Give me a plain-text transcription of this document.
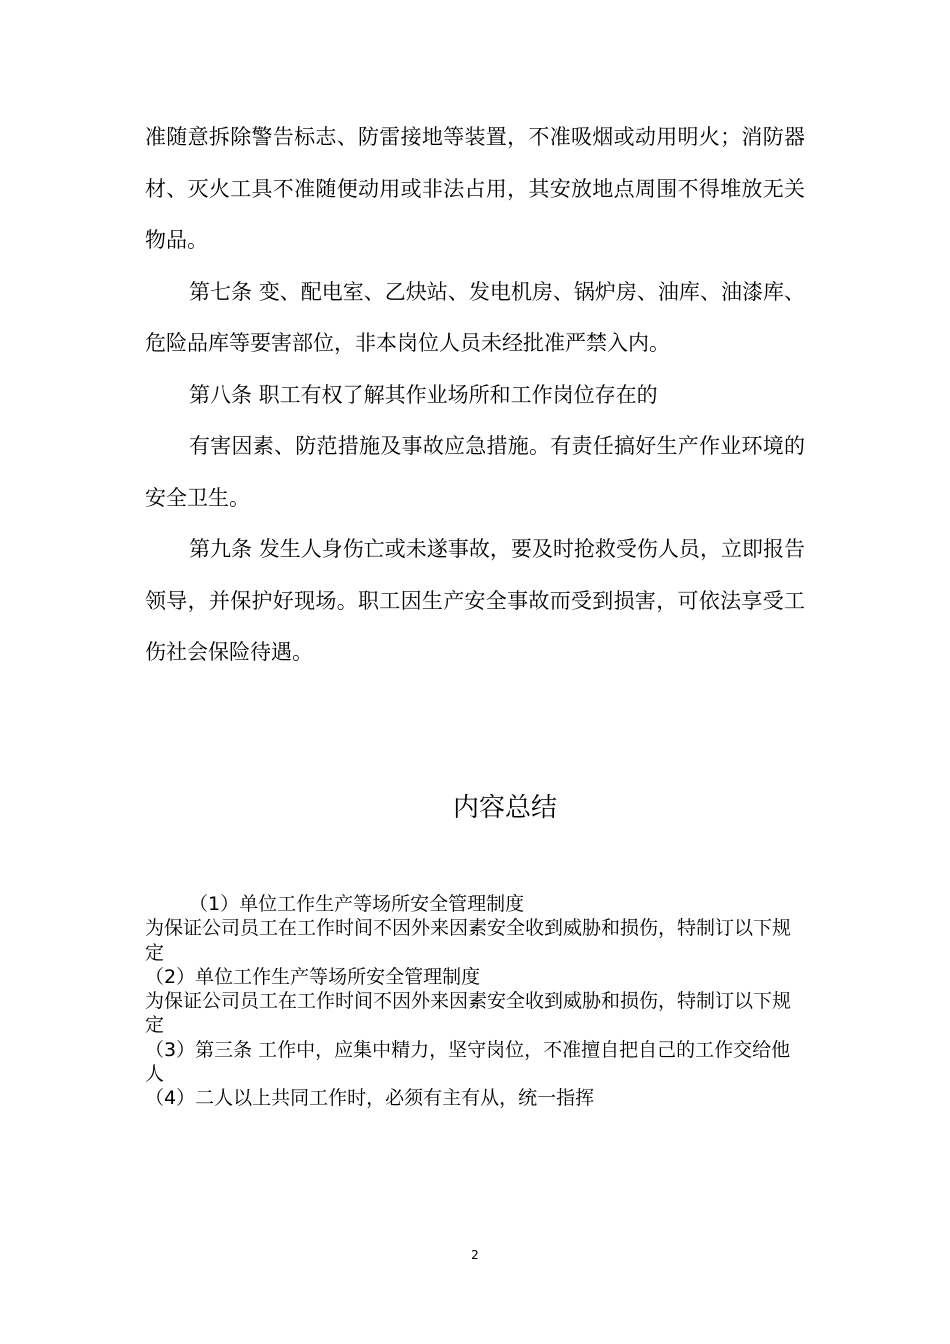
准随意拆除警告标志、防雷接地等装置，不准吸烟或动用明火；消防器材、灭火工具不准随便动用或非法占用，其安放地点周围不得堆放无关物品。

第七条 变、配电室、乙炔站、发电机房、锅炉房、油库、油漆库、危险品库等要害部位，非本岗位人员未经批准严禁入内。

第八条 职工有权了解其作业场所和工作岗位存在的

有害因素、防范措施及事故应急措施。有责任搞好生产作业环境的安全卫生。

第九条 发生人身伤亡或未遂事故，要及时抢救受伤人员，立即报告领导，并保护好现场。职工因生产安全事故而受到损害，可依法享受工伤社会保险待遇。

内容总结

（1）单位工作生产等场所安全管理制度

为保证公司员工在工作时间不因外来因素安全收到威胁和损伤，特制订以下规定

（2）单位工作生产等场所安全管理制度

为保证公司员工在工作时间不因外来因素安全收到威胁和损伤，特制订以下规定

（3）第三条 工作中，应集中精力，坚守岗位，不准擅自把自己的工作交给他人

（4）二人以上共同工作时，必须有主有从，统一指挥

2
